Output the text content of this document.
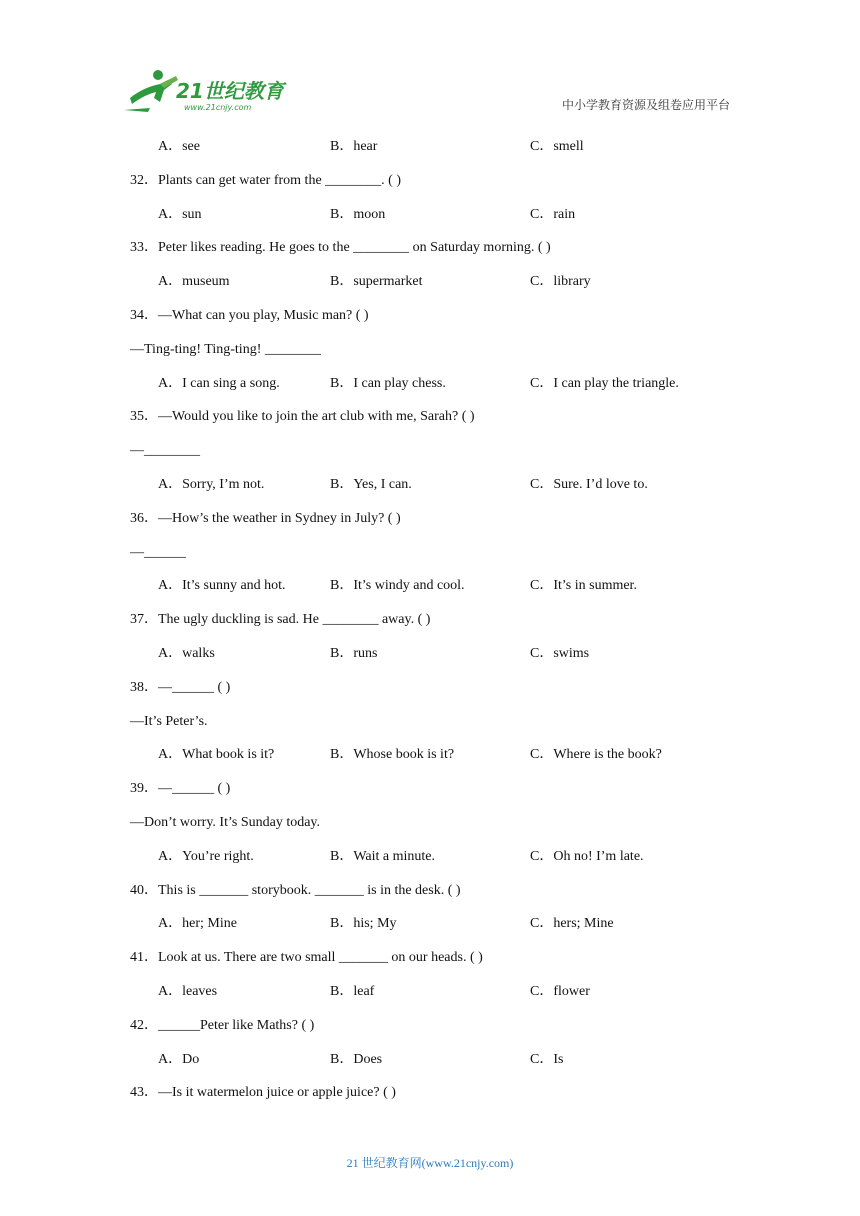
21世纪教育
www.21cnjy.com	中小学教育资源及组卷应用平台
A．see	B．hear	C．smell
32．Plants can get water from the ________. ( )
A．sun	B．moon	C．rain
33．Peter likes reading. He goes to the ________ on Saturday morning. ( )
A．museum	B．supermarket	C．library
34．—What can you play, Music man? ( )
—Ting-ting! Ting-ting! ________
A．I can sing a song.	B．I can play chess.	C．I can play the triangle.
35．—Would you like to join the art club with me, Sarah? ( )
—________
A．Sorry, I’m not.	B．Yes, I can.	C．Sure. I’d love to.
36．—How’s the weather in Sydney in July? ( )
—______
A．It’s sunny and hot.	B．It’s windy and cool.	C．It’s in summer.
37．The ugly duckling is sad. He ________ away. ( )
A．walks	B．runs	C．swims
38．—______ ( )
—It’s Peter’s.
A．What book is it?	B．Whose book is it?	C．Where is the book?
39．—______ ( )
—Don’t worry. It’s Sunday today.
A．You’re right.	B．Wait a minute.	C．Oh no! I’m late.
40．This is _______ storybook. _______ is in the desk. ( )
A．her; Mine	B．his; My	C．hers; Mine
41．Look at us. There are two small _______ on our heads. ( )
A．leaves	B．leaf	C．flower
42．______Peter like Maths? ( )
A．Do	B．Does	C．Is
43．—Is it watermelon juice or apple juice? ( )
21 世纪教育网(www.21cnjy.com)
